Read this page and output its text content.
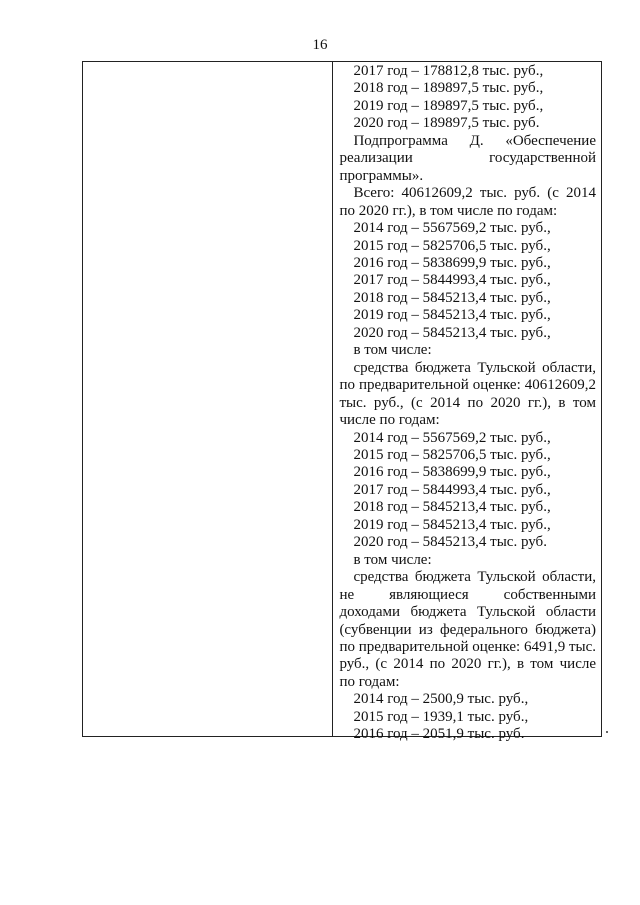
16
2017 год – 178812,8 тыс. руб.,
2018 год – 189897,5 тыс. руб.,
2019 год – 189897,5 тыс. руб.,
2020 год – 189897,5 тыс. руб.
Подпрограмма Д. «Обеспечение
реализации государственной
программы».
Всего: 40612609,2 тыс. руб. (с 2014
по 2020 гг.), в том числе по годам:
2014 год – 5567569,2 тыс. руб.,
2015 год – 5825706,5 тыс. руб.,
2016 год – 5838699,9 тыс. руб.,
2017 год – 5844993,4 тыс. руб.,
2018 год – 5845213,4 тыс. руб.,
2019 год – 5845213,4 тыс. руб.,
2020 год – 5845213,4 тыс. руб.,
в том числе:
средства бюджета Тульской области,
по предварительной оценке: 40612609,2
тыс. руб., (с 2014 по 2020 гг.), в том
числе по годам:
2014 год – 5567569,2 тыс. руб.,
2015 год – 5825706,5 тыс. руб.,
2016 год – 5838699,9 тыс. руб.,
2017 год – 5844993,4 тыс. руб.,
2018 год – 5845213,4 тыс. руб.,
2019 год – 5845213,4 тыс. руб.,
2020 год – 5845213,4 тыс. руб.
в том числе:
средства бюджета Тульской области,
не являющиеся собственными
доходами бюджета Тульской области
(субвенции из федерального бюджета)
по предварительной оценке: 6491,9 тыс.
руб., (с 2014 по 2020 гг.), в том числе
по годам:
2014 год – 2500,9 тыс. руб.,
2015 год – 1939,1 тыс. руб.,
2016 год – 2051,9 тыс. руб.
